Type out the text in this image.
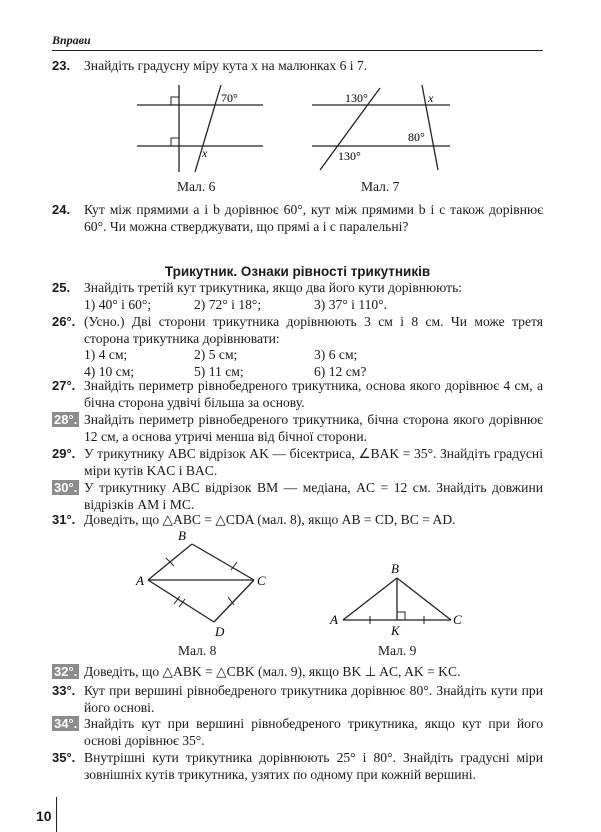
Вправи
23.	Знайдіть градусну міру кута x на малюнках 6 і 7.
70°
x
Мал. 6
130°
130°
80°
x
Мал. 7
24.	Кут між прямими a і b дорівнює 60°, кут між прямими b і c також дорівнює 60°. Чи можна стверджувати, що прямі a і c паралельні?
Трикутник. Ознаки рівності трикутників
25.	Знайдіть третій кут трикутника, якщо два його кути дорівнюють:
1) 40° і 60°;	2) 72° і 18°;	3) 37° і 110°.
26°. (Усно.) Дві сторони трикутника дорівнюють 3 см і 8 см. Чи може третя сторона трикутника дорівнювати:
1) 4 см;	2) 5 см;	3) 6 см;
4) 10 см;	5) 11 см;	6) 12 см?
27°. Знайдіть периметр рівнобедреного трикутника, основа якого дорівнює 4 см, а бічна сторона удвічі більша за основу.
28°. Знайдіть периметр рівнобедреного трикутника, бічна сторона якого дорівнює 12 см, а основа утричі менша від бічної сторони.
29°. У трикутнику ABC відрізок AK — бісектриса, ∠BAK = 35°. Знайдіть градусні міри кутів KAC і BAC.
30°. У трикутнику ABC відрізок BM — медіана, AC = 12 см. Знайдіть довжини відрізків AM і MC.
31°. Доведіть, що △ABC = △CDA (мал. 8), якщо AB = CD, BC = AD.
A
B
C
D
Мал. 8
A
B
C
K
Мал. 9
32°. Доведіть, що △ABK = △CBK (мал. 9), якщо BK ⊥ AC, AK = KC.
33°. Кут при вершині рівнобедреного трикутника дорівнює 80°. Знайдіть кути при його основі.
34°. Знайдіть кут при вершині рівнобедреного трикутника, якщо кут при його основі дорівнює 35°.
35°. Внутрішні кути трикутника дорівнюють 25° і 80°. Знайдіть градусні міри зовнішніх кутів трикутника, узятих по одному при кожній вершині.
10
